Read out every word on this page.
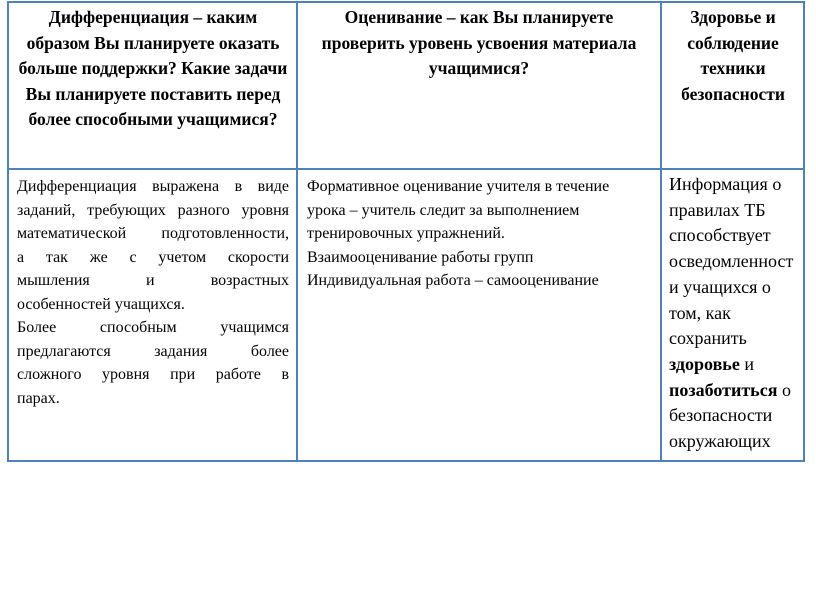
Дифференциация – каким образом Вы планируете оказать больше поддержки? Какие задачи Вы планируете поставить перед более способными учащимися?
Оценивание – как Вы планируете проверить уровень усвоения материала учащимися?
Здоровье и соблюдение техники безопасности

Дифференциация выражена в виде

заданий, требующих разного уровня

математической подготовленности,

а так же с учетом скорости

мышления и возрастных

особенностей учащихся.

Более способным учащимся

предлагаются задания более

сложного уровня при работе в

парах.

Формативное оценивание учителя в течение

урока – учитель следит за выполнением

тренировочных упражнений.

Взаимооценивание работы групп

Индивидуальная работа – самооценивание

Информация о правилах ТБ способствует осведомленност и учащихся о том, как сохранить здоровье и позаботиться о безопасности окружающих
